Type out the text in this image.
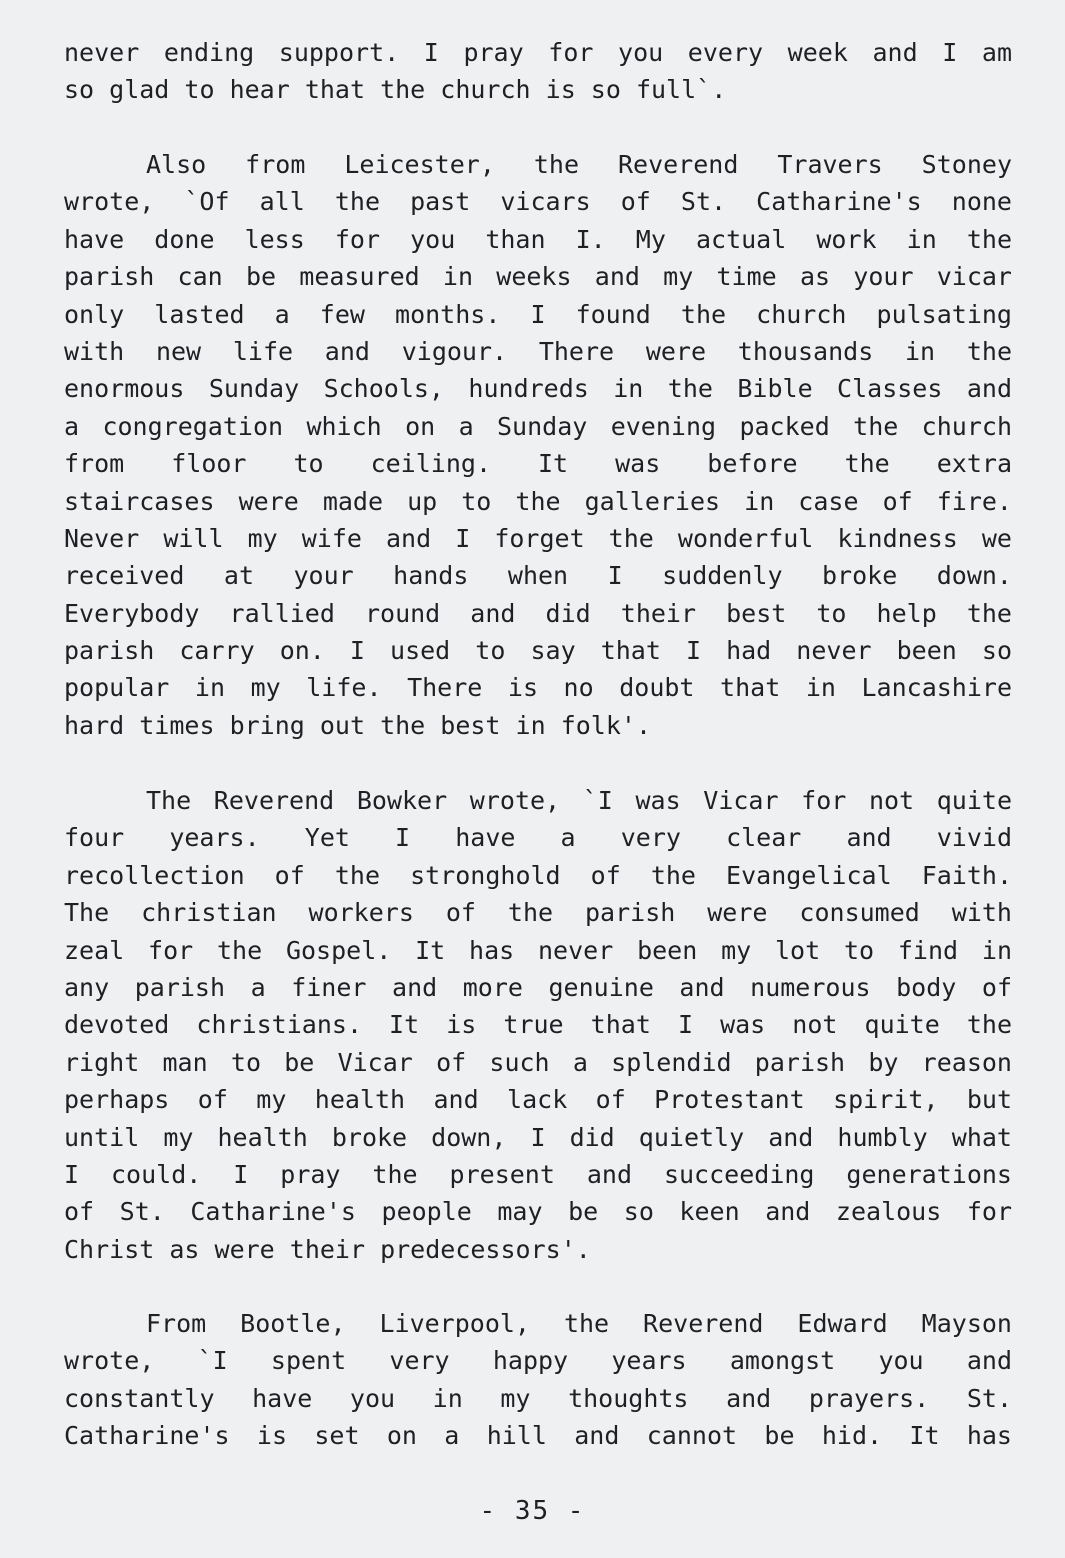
never ending support. I pray for you every week and I am
so glad to hear that the church is so full`.
Also from Leicester, the Reverend Travers Stoney
wrote, `Of all the past vicars of St. Catharine's none
have done less for you than I. My actual work in the
parish can be measured in weeks and my time as your vicar
only lasted a few months. I found the church pulsating
with new life and vigour. There were thousands in the
enormous Sunday Schools, hundreds in the Bible Classes and
a congregation which on a Sunday evening packed the church
from floor to ceiling. It was before the extra
staircases were made up to the galleries in case of fire.
Never will my wife and I forget the wonderful kindness we
received at your hands when I suddenly broke down.
Everybody rallied round and did their best to help the
parish carry on. I used to say that I had never been so
popular in my life. There is no doubt that in Lancashire
hard times bring out the best in folk'.
The Reverend Bowker wrote, `I was Vicar for not quite
four years. Yet I have a very clear and vivid
recollection of the stronghold of the Evangelical Faith.
The christian workers of the parish were consumed with
zeal for the Gospel. It has never been my lot to find in
any parish a finer and more genuine and numerous body of
devoted christians. It is true that I was not quite the
right man to be Vicar of such a splendid parish by reason
perhaps of my health and lack of Protestant spirit, but
until my health broke down, I did quietly and humbly what
I could. I pray the present and succeeding generations
of St. Catharine's people may be so keen and zealous for
Christ as were their predecessors'.
From Bootle, Liverpool, the Reverend Edward Mayson
wrote, `I spent very happy years amongst you and
constantly have you in my thoughts and prayers. St.
Catharine's is set on a hill and cannot be hid. It has
- 35 -
